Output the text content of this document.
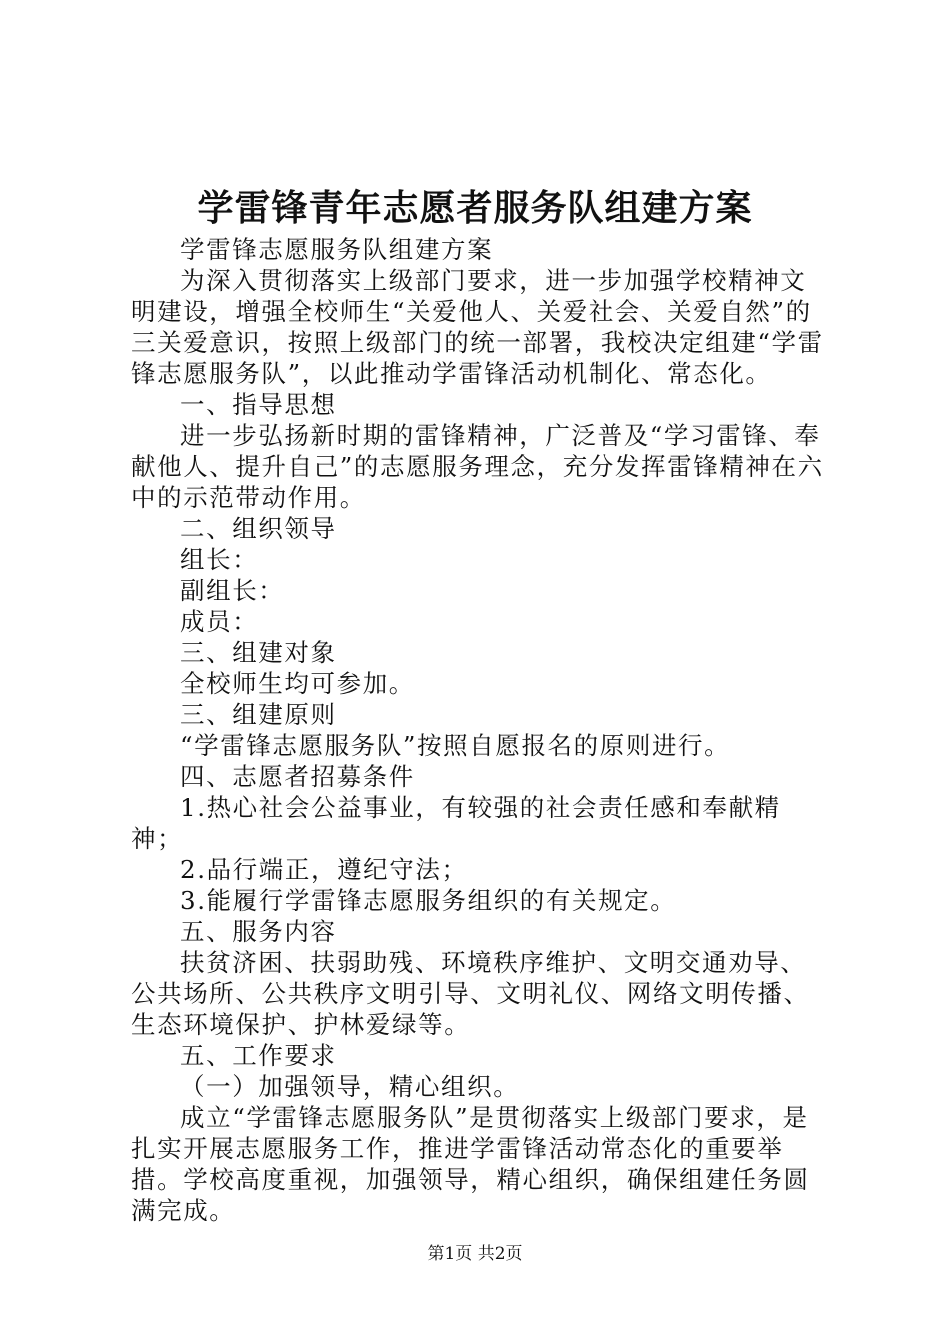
学雷锋青年志愿者服务队组建方案

学雷锋志愿服务队组建方案

为深入贯彻落实上级部门要求，进一步加强学校精神文明建设，增强全校师生“关爱他人、关爱社会、关爱自然”的三关爱意识，按照上级部门的统一部署，我校决定组建“学雷锋志愿服务队”，以此推动学雷锋活动机制化、常态化。

一、指导思想

进一步弘扬新时期的雷锋精神，广泛普及“学习雷锋、奉献他人、提升自己”的志愿服务理念，充分发挥雷锋精神在六中的示范带动作用。

二、组织领导

组长：

副组长：

成员：

三、组建对象

全校师生均可参加。

三、组建原则

“学雷锋志愿服务队”按照自愿报名的原则进行。

四、志愿者招募条件

1.热心社会公益事业，有较强的社会责任感和奉献精神；

2.品行端正，遵纪守法；

3.能履行学雷锋志愿服务组织的有关规定。

五、服务内容

扶贫济困、扶弱助残、环境秩序维护、文明交通劝导、公共场所、公共秩序文明引导、文明礼仪、网络文明传播、生态环境保护、护林爱绿等。

五、工作要求

（一）加强领导，精心组织。

成立“学雷锋志愿服务队”是贯彻落实上级部门要求，是扎实开展志愿服务工作，推进学雷锋活动常态化的重要举措。学校高度重视，加强领导，精心组织，确保组建任务圆满完成。

第1页 共2页
